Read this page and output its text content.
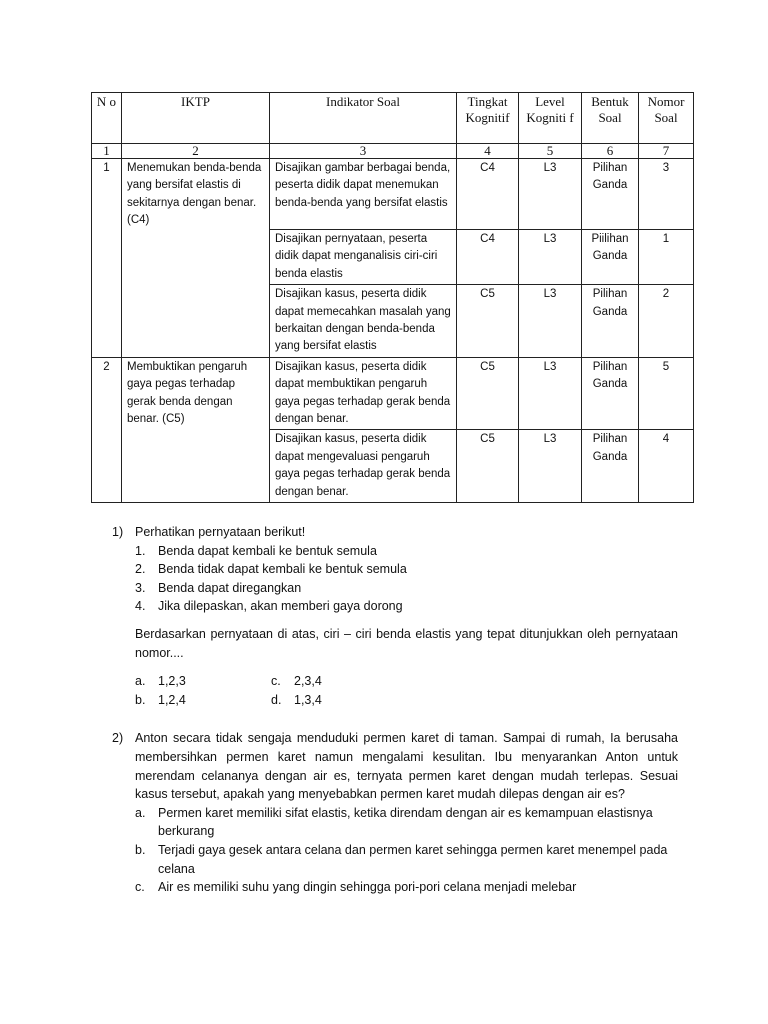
N o	IKTP	Indikator Soal	Tingkat Kognitif	Level Kogniti f	Bentuk Soal	Nomor Soal
1	2	3	4	5	6	7
1	Menemukan benda-benda yang bersifat elastis di sekitarnya dengan benar. (C4)	Disajikan gambar berbagai benda, peserta didik dapat menemukan benda-benda yang bersifat elastis	C4	L3	Pilihan Ganda	3
		Disajikan pernyataan, peserta didik dapat menganalisis ciri-ciri benda elastis	C4	L3	Piilihan Ganda	1
		Disajikan kasus, peserta didik dapat memecahkan masalah yang berkaitan dengan benda-benda yang bersifat elastis	C5	L3	Pilihan Ganda	2
2	Membuktikan pengaruh gaya pegas terhadap gerak benda dengan benar. (C5)	Disajikan kasus, peserta didik dapat membuktikan pengaruh gaya pegas terhadap gerak benda dengan benar.	C5	L3	Pilihan Ganda	5
		Disajikan kasus, peserta didik dapat mengevaluasi pengaruh gaya pegas terhadap gerak benda dengan benar.	C5	L3	Pilihan Ganda	4
1) Perhatikan pernyataan berikut!
1. Benda dapat kembali ke bentuk semula
2. Benda tidak dapat kembali ke bentuk semula
3. Benda dapat diregangkan
4. Jika dilepaskan, akan memberi gaya dorong
Berdasarkan pernyataan di atas, ciri – ciri benda elastis yang tepat ditunjukkan oleh pernyataan nomor....
a. 1,2,3	c. 2,3,4
b. 1,2,4	d. 1,3,4
2) Anton secara tidak sengaja menduduki permen karet di taman. Sampai di rumah, Ia berusaha membersihkan permen karet namun mengalami kesulitan. Ibu menyarankan Anton untuk merendam celananya dengan air es, ternyata permen karet dengan mudah terlepas. Sesuai kasus tersebut, apakah yang menyebabkan permen karet mudah dilepas dengan air es?
a. Permen karet memiliki sifat elastis, ketika direndam dengan air es kemampuan elastisnya berkurang
b. Terjadi gaya gesek antara celana dan permen karet sehingga permen karet menempel pada celana
c. Air es memiliki suhu yang dingin sehingga pori-pori celana menjadi melebar
